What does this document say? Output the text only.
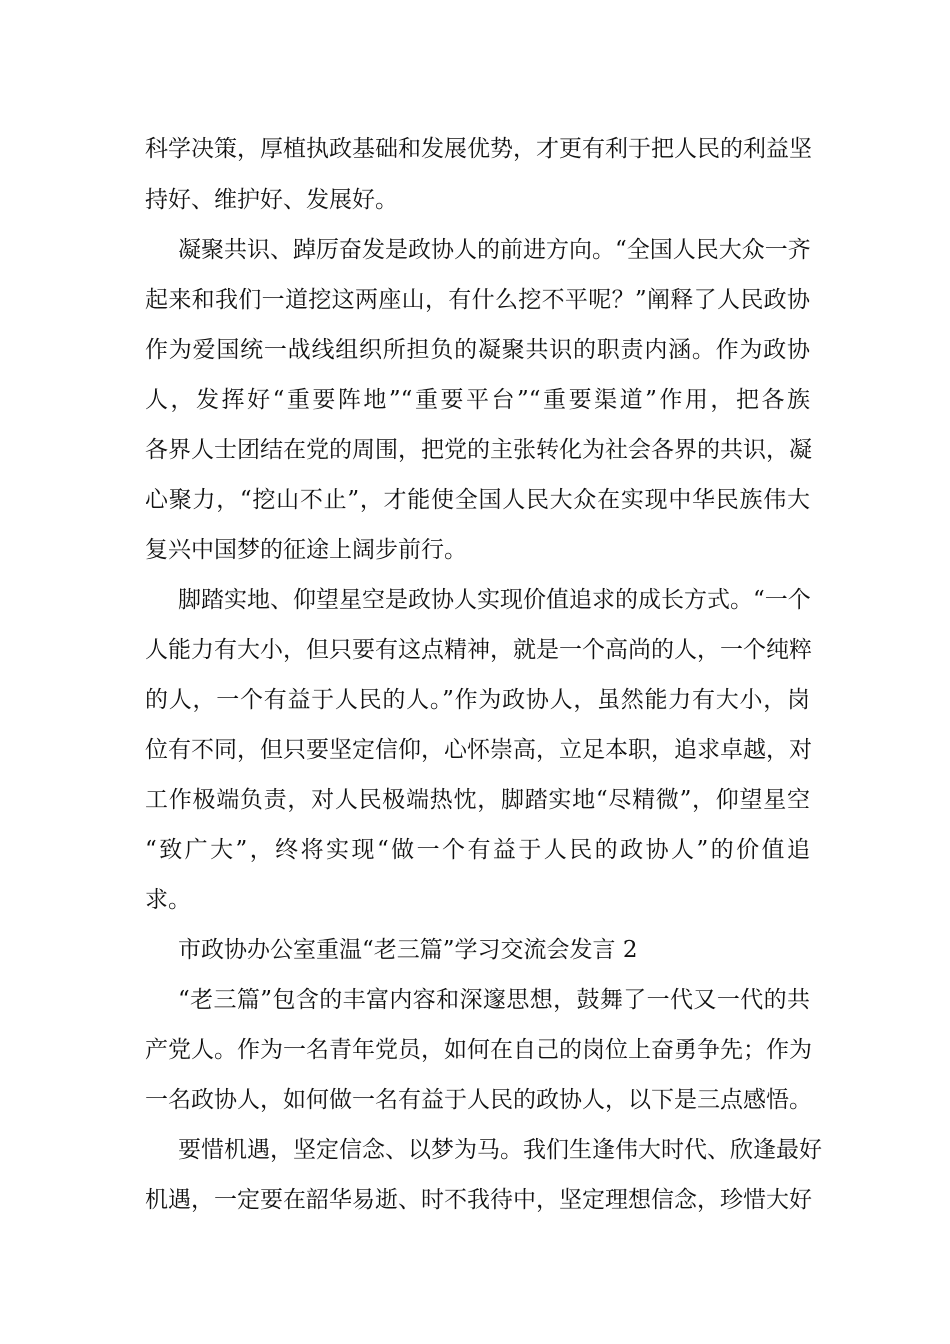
科学决策，厚植执政基础和发展优势，才更有利于把人民的利益坚
持好、维护好、发展好。
凝聚共识、踔厉奋发是政协人的前进方向。“全国人民大众一齐
起来和我们一道挖这两座山，有什么挖不平呢？”阐释了人民政协
作为爱国统一战线组织所担负的凝聚共识的职责内涵。作为政协
人，发挥好“重要阵地”“重要平台”“重要渠道”作用，把各族
各界人士团结在党的周围，把党的主张转化为社会各界的共识，凝
心聚力，“挖山不止”，才能使全国人民大众在实现中华民族伟大
复兴中国梦的征途上阔步前行。
脚踏实地、仰望星空是政协人实现价值追求的成长方式。“一个
人能力有大小，但只要有这点精神，就是一个高尚的人，一个纯粹
的人，一个有益于人民的人。”作为政协人，虽然能力有大小，岗
位有不同，但只要坚定信仰，心怀崇高，立足本职，追求卓越，对
工作极端负责，对人民极端热忱，脚踏实地“尽精微”，仰望星空
“致广大”，终将实现“做一个有益于人民的政协人”的价值追
求。
市政协办公室重温“老三篇”学习交流会发言 2
“老三篇”包含的丰富内容和深邃思想，鼓舞了一代又一代的共
产党人。作为一名青年党员，如何在自己的岗位上奋勇争先；作为
一名政协人，如何做一名有益于人民的政协人，以下是三点感悟。
要惜机遇，坚定信念、以梦为马。我们生逢伟大时代、欣逢最好
机遇，一定要在韶华易逝、时不我待中，坚定理想信念，珍惜大好
